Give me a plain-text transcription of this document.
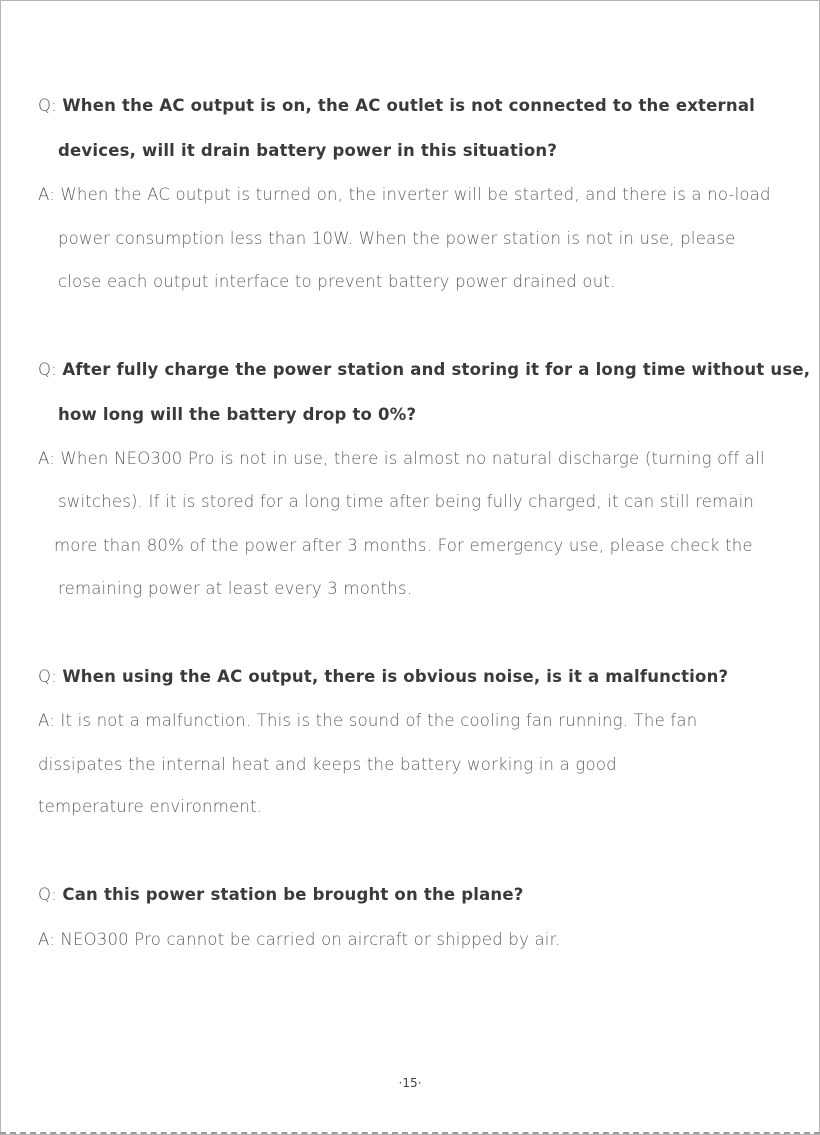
Q: When the AC output is on, the AC outlet is not connected to the external

devices, will it drain battery power in this situation?

A: When the AC output is turned on, the inverter will be started, and there is a no-load

power consumption less than 10W. When the power station is not in use, please

close each output interface to prevent battery power drained out.

Q: After fully charge the power station and storing it for a long time without use,

how long will the battery drop to 0%?

A: When NEO300 Pro is not in use, there is almost no natural discharge (turning off all

switches). If it is stored for a long time after being fully charged, it can still remain

more than 80% of the power after 3 months. For emergency use, please check the

remaining power at least every 3 months.

Q: When using the AC output, there is obvious noise, is it a malfunction?

A: It is not a malfunction. This is the sound of the cooling fan running. The fan

dissipates the internal heat and keeps the battery working in a good

temperature environment.

Q: Can this power station be brought on the plane?

A: NEO300 Pro cannot be carried on aircraft or shipped by air.

·15·
